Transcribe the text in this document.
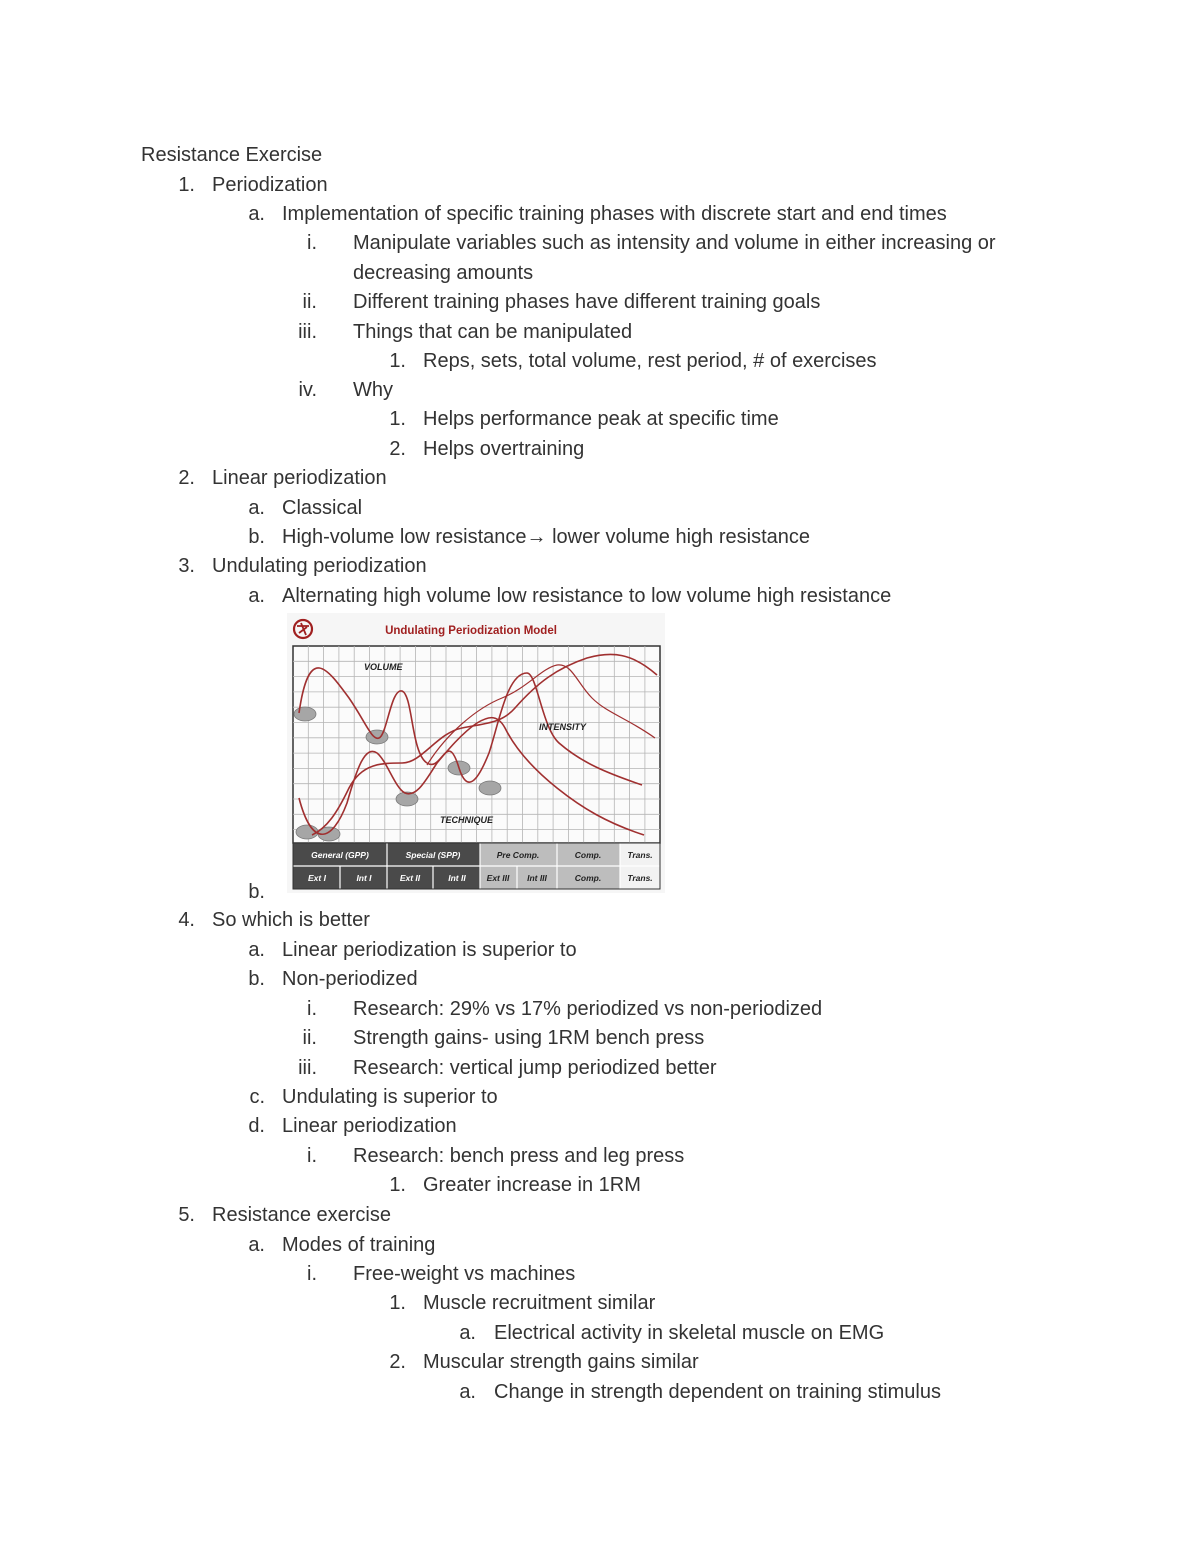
Resistance Exercise
1. Periodization
a. Implementation of specific training phases with discrete start and end times
i. Manipulate variables such as intensity and volume in either increasing or
decreasing amounts
ii. Different training phases have different training goals
iii. Things that can be manipulated
1. Reps, sets, total volume, rest period, # of exercises
iv. Why
1. Helps performance peak at specific time
2. Helps overtraining
2. Linear periodization
a. Classical
b. High-volume low resistance→ lower volume high resistance
3. Undulating periodization
a. Alternating high volume low resistance to low volume high resistance
Undulating Periodization Model
VOLUME
INTENSITY
TECHNIQUE
General (GPP)	Special (SPP)	Pre Comp.	Comp.	Trans.
Ext I	Int I	Ext II	Int II Ext III Int III	Comp.	Trans.
b.
4. So which is better
a. Linear periodization is superior to
b. Non-periodized
i. Research: 29% vs 17% periodized vs non-periodized
ii. Strength gains- using 1RM bench press
iii. Research: vertical jump periodized better
c. Undulating is superior to
d. Linear periodization
i. Research: bench press and leg press
1. Greater increase in 1RM
5. Resistance exercise
a. Modes of training
i. Free-weight vs machines
1. Muscle recruitment similar
a. Electrical activity in skeletal muscle on EMG
2. Muscular strength gains similar
a. Change in strength dependent on training stimulus
